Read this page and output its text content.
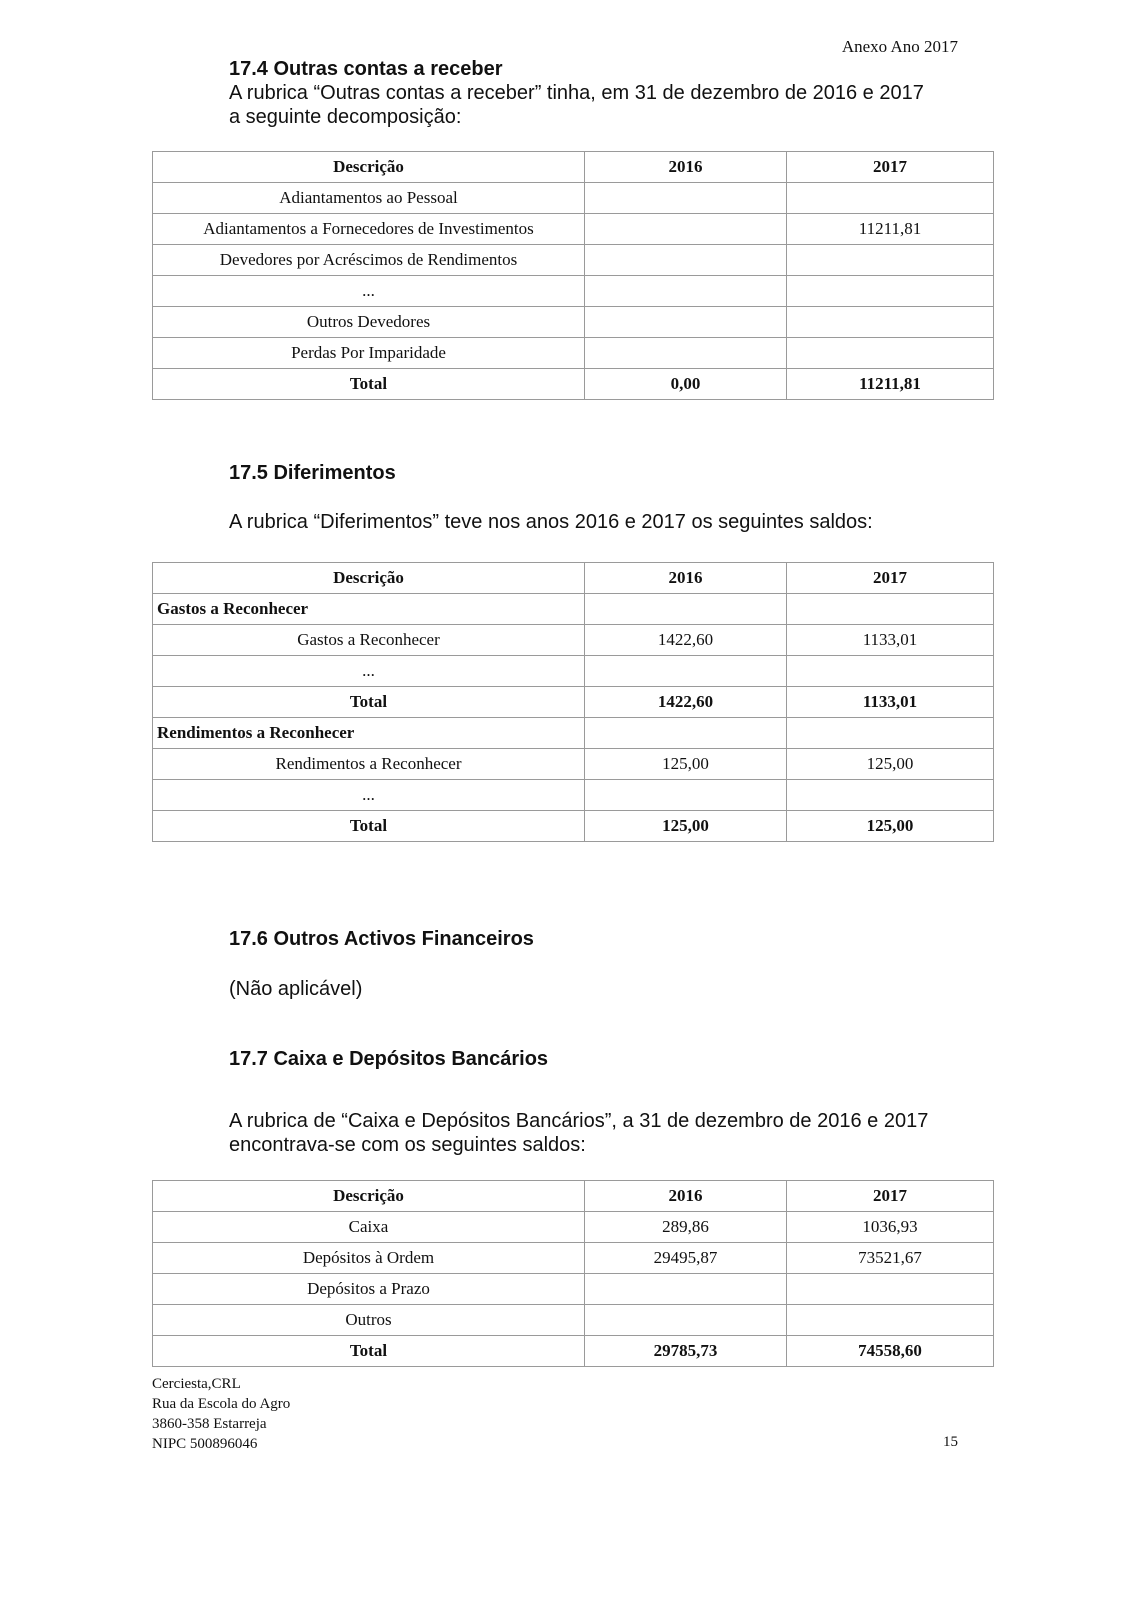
Anexo Ano 2017
17.4 Outras contas a receber
A rubrica “Outras contas a receber” tinha, em 31 de dezembro de 2016 e 2017
a seguinte decomposição:
Descrição	2016	2017
Adiantamentos ao Pessoal		
Adiantamentos a Fornecedores de Investimentos		11211,81
Devedores por Acréscimos de Rendimentos		
...		
Outros Devedores		
Perdas Por Imparidade		
Total	0,00	11211,81
17.5 Diferimentos
A rubrica “Diferimentos” teve nos anos 2016 e 2017 os seguintes saldos:
Descrição	2016	2017
Gastos a Reconhecer		
Gastos a Reconhecer	1422,60	1133,01
...		
Total	1422,60	1133,01
Rendimentos a Reconhecer		
Rendimentos a Reconhecer	125,00	125,00
...		
Total	125,00	125,00
17.6 Outros Activos Financeiros
(Não aplicável)
17.7 Caixa e Depósitos Bancários
A rubrica de “Caixa e Depósitos Bancários”, a 31 de dezembro de 2016 e 2017
encontrava-se com os seguintes saldos:
Descrição	2016	2017
Caixa	289,86	1036,93
Depósitos à Ordem	29495,87	73521,67
Depósitos a Prazo		
Outros		
Total	29785,73	74558,60
Cerciesta,CRL
Rua da Escola do Agro
3860-358 Estarreja
NIPC 500896046	15
